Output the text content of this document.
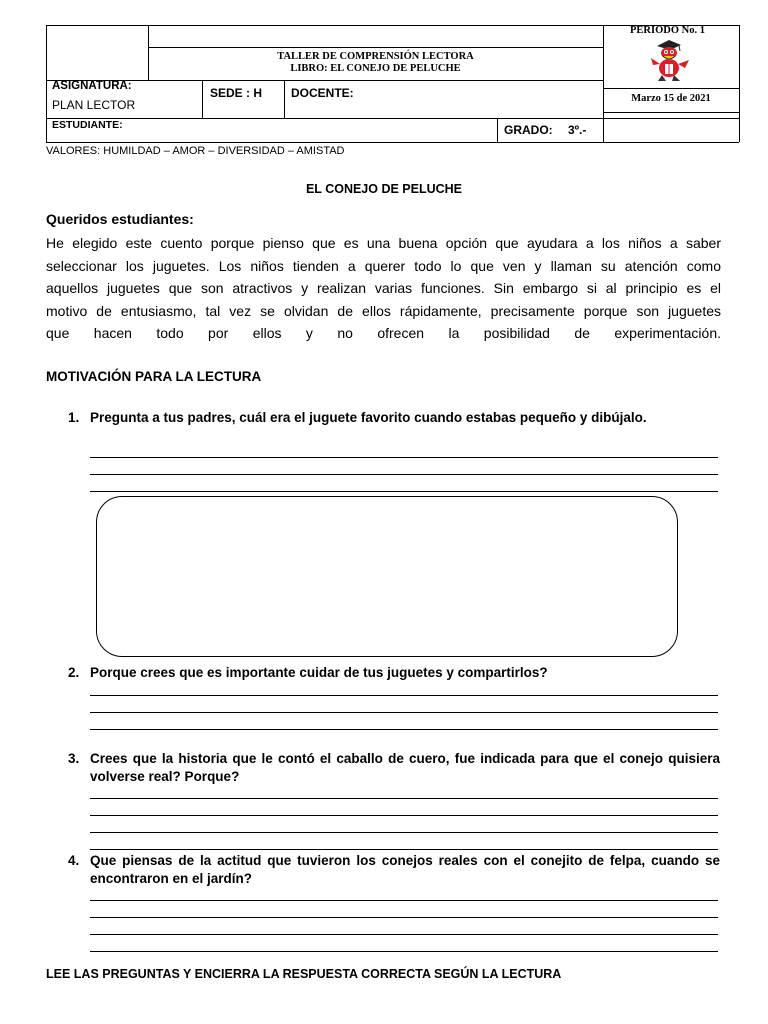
PERIODO No. 1
TALLER DE COMPRENSIÓN LECTORA
LIBRO: EL CONEJO DE PELUCHE
ASIGNATURA:
PLAN LECTOR
SEDE : H DOCENTE:	Marzo 15 de 2021
ESTUDIANTE:	GRADO: 3º.-
VALORES: HUMILDAD – AMOR – DIVERSIDAD – AMISTAD
EL CONEJO DE PELUCHE
Queridos estudiantes:
He elegido este cuento porque pienso que es una buena opción que ayudara a los niños a saber
seleccionar los juguetes. Los niños tienden a querer todo lo que ven y llaman su atención como
aquellos juguetes que son atractivos y realizan varias funciones. Sin embargo si al principio es el
motivo de entusiasmo, tal vez se olvidan de ellos rápidamente, precisamente porque son juguetes
que hacen todo por ellos y no ofrecen la posibilidad de experimentación.
MOTIVACIÓN PARA LA LECTURA
1. Pregunta a tus padres, cuál era el juguete favorito cuando estabas pequeño y dibújalo.
2. Porque crees que es importante cuidar de tus juguetes y compartirlos?
3. Crees que la historia que le contó el caballo de cuero, fue indicada para que el conejo quisiera volverse real? Porque?
4. Que piensas de la actitud que tuvieron los conejos reales con el conejito de felpa, cuando se encontraron en el jardín?
LEE LAS PREGUNTAS Y ENCIERRA LA RESPUESTA CORRECTA SEGÚN LA LECTURA
